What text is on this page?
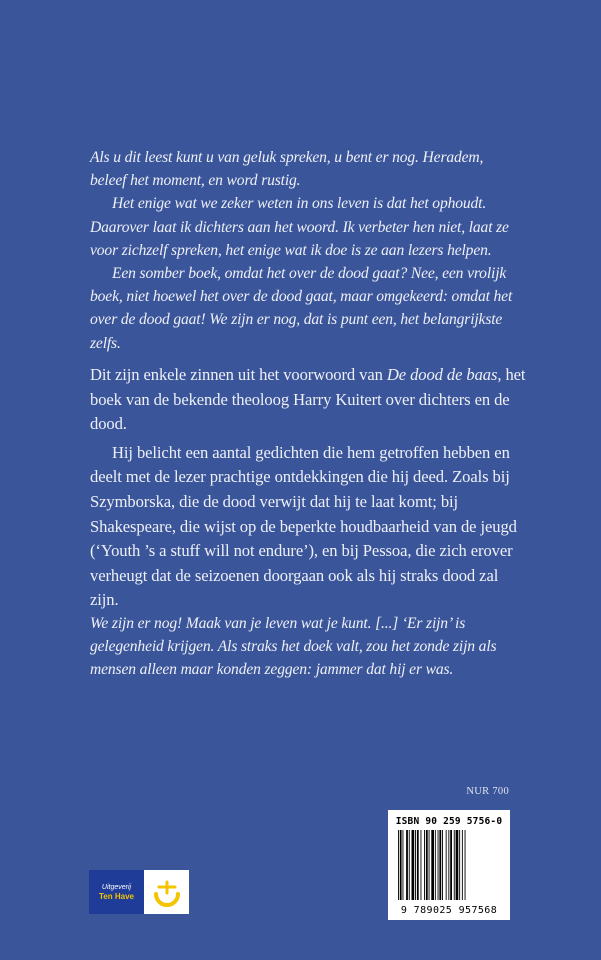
Als u dit leest kunt u van geluk spreken, u bent er nog. Heradem, beleef het moment, en word rustig.

Het enige wat we zeker weten in ons leven is dat het ophoudt. Daarover laat ik dichters aan het woord. Ik verbeter hen niet, laat ze voor zichzelf spreken, het enige wat ik doe is ze aan lezers helpen.

Een somber boek, omdat het over de dood gaat? Nee, een vrolijk boek, niet hoewel het over de dood gaat, maar omgekeerd: omdat het over de dood gaat! We zijn er nog, dat is punt een, het belangrijkste zelfs.

Dit zijn enkele zinnen uit het voorwoord van De dood de baas, het boek van de bekende theoloog Harry Kuitert over dichters en de dood.

Hij belicht een aantal gedichten die hem getroffen hebben en deelt met de lezer prachtige ontdekkingen die hij deed. Zoals bij Szymborska, die de dood verwijt dat hij te laat komt; bij Shakespeare, die wijst op de beperkte houdbaarheid van de jeugd (‘Youth ’s a stuff will not endure’), en bij Pessoa, die zich erover verheugt dat de seizoenen doorgaan ook als hij straks dood zal zijn.

We zijn er nog! Maak van je leven wat je kunt. [...] ‘Er zijn’ is gelegenheid krijgen. Als straks het doek valt, zou het zonde zijn als mensen alleen maar konden zeggen: jammer dat hij er was.

NUR 700
ISBN 90 259 5756-0
9 789025 957568
Uitgeverij
Ten Have
